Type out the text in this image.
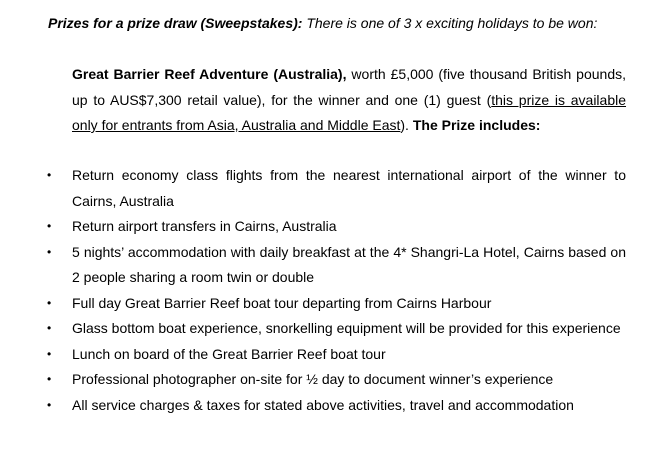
Prizes for a prize draw (Sweepstakes): There is one of 3 x exciting holidays to be won:
Great Barrier Reef Adventure (Australia), worth £5,000 (five thousand British pounds, up to AUS$7,300 retail value), for the winner and one (1) guest (this prize is available only for entrants from Asia, Australia and Middle East). The Prize includes:
• Return economy class flights from the nearest international airport of the winner to Cairns, Australia
• Return airport transfers in Cairns, Australia
• 5 nights’ accommodation with daily breakfast at the 4* Shangri-La Hotel, Cairns based on 2 people sharing a room twin or double
• Full day Great Barrier Reef boat tour departing from Cairns Harbour
• Glass bottom boat experience, snorkelling equipment will be provided for this experience
• Lunch on board of the Great Barrier Reef boat tour
• Professional photographer on-site for ½ day to document winner’s experience
• All service charges & taxes for stated above activities, travel and accommodation
